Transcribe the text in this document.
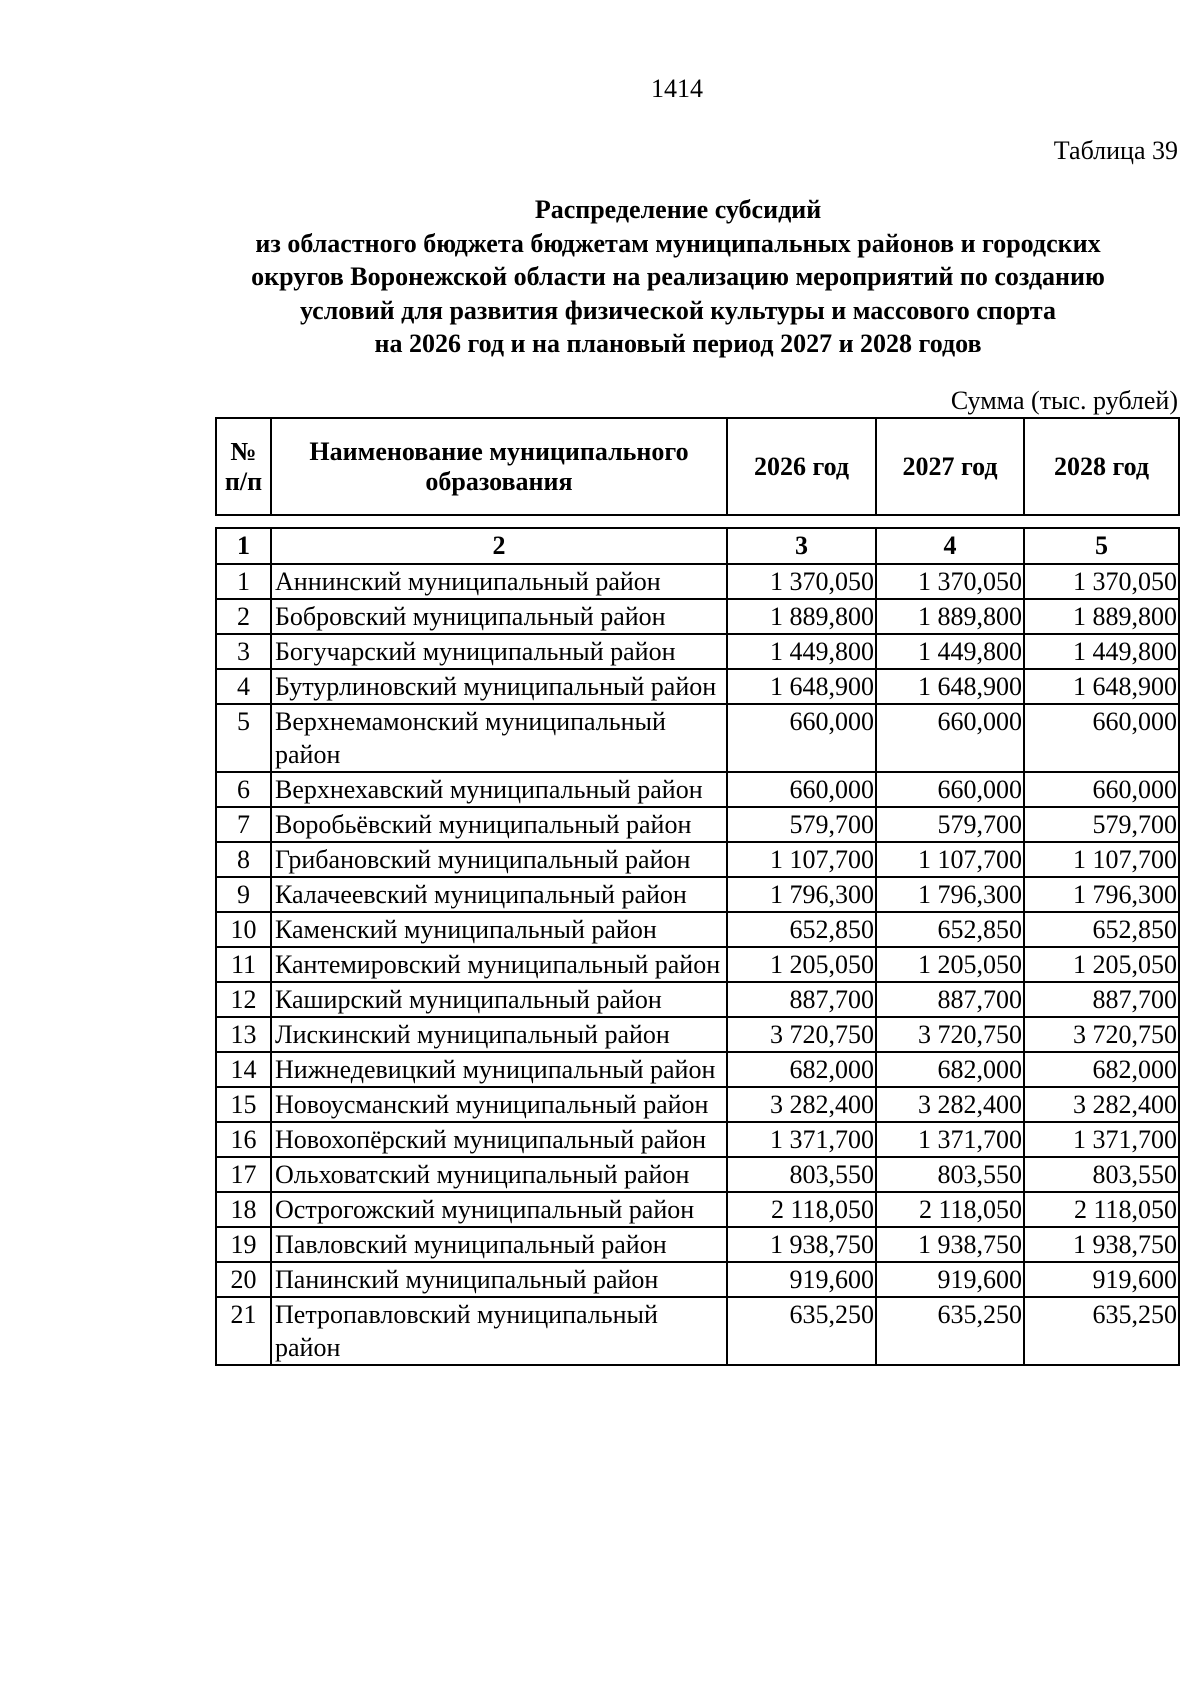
1414
Таблица 39
Распределение субсидий
из областного бюджета бюджетам муниципальных районов и городских
округов Воронежской области на реализацию мероприятий по созданию
условий для развития физической культуры и массового спорта
на 2026 год и на плановый период 2027 и 2028 годов
Сумма (тыс. рублей)
№ п/п	Наименование муниципального образования	2026 год	2027 год	2028 год
1	2	3	4	5
1	Аннинский муниципальный район	1 370,050	1 370,050	1 370,050
2	Бобровский муниципальный район	1 889,800	1 889,800	1 889,800
3	Богучарский муниципальный район	1 449,800	1 449,800	1 449,800
4	Бутурлиновский муниципальный район	1 648,900	1 648,900	1 648,900
5	Верхнемамонский муниципальный район	660,000	660,000	660,000
6	Верхнехавский муниципальный район	660,000	660,000	660,000
7	Воробьёвский муниципальный район	579,700	579,700	579,700
8	Грибановский муниципальный район	1 107,700	1 107,700	1 107,700
9	Калачеевский муниципальный район	1 796,300	1 796,300	1 796,300
10	Каменский муниципальный район	652,850	652,850	652,850
11	Кантемировский муниципальный район	1 205,050	1 205,050	1 205,050
12	Каширский муниципальный район	887,700	887,700	887,700
13	Лискинский муниципальный район	3 720,750	3 720,750	3 720,750
14	Нижнедевицкий муниципальный район	682,000	682,000	682,000
15	Новоусманский муниципальный район	3 282,400	3 282,400	3 282,400
16	Новохопёрский муниципальный район	1 371,700	1 371,700	1 371,700
17	Ольховатский муниципальный район	803,550	803,550	803,550
18	Острогожский муниципальный район	2 118,050	2 118,050	2 118,050
19	Павловский муниципальный район	1 938,750	1 938,750	1 938,750
20	Панинский муниципальный район	919,600	919,600	919,600
21	Петропавловский муниципальный район	635,250	635,250	635,250
